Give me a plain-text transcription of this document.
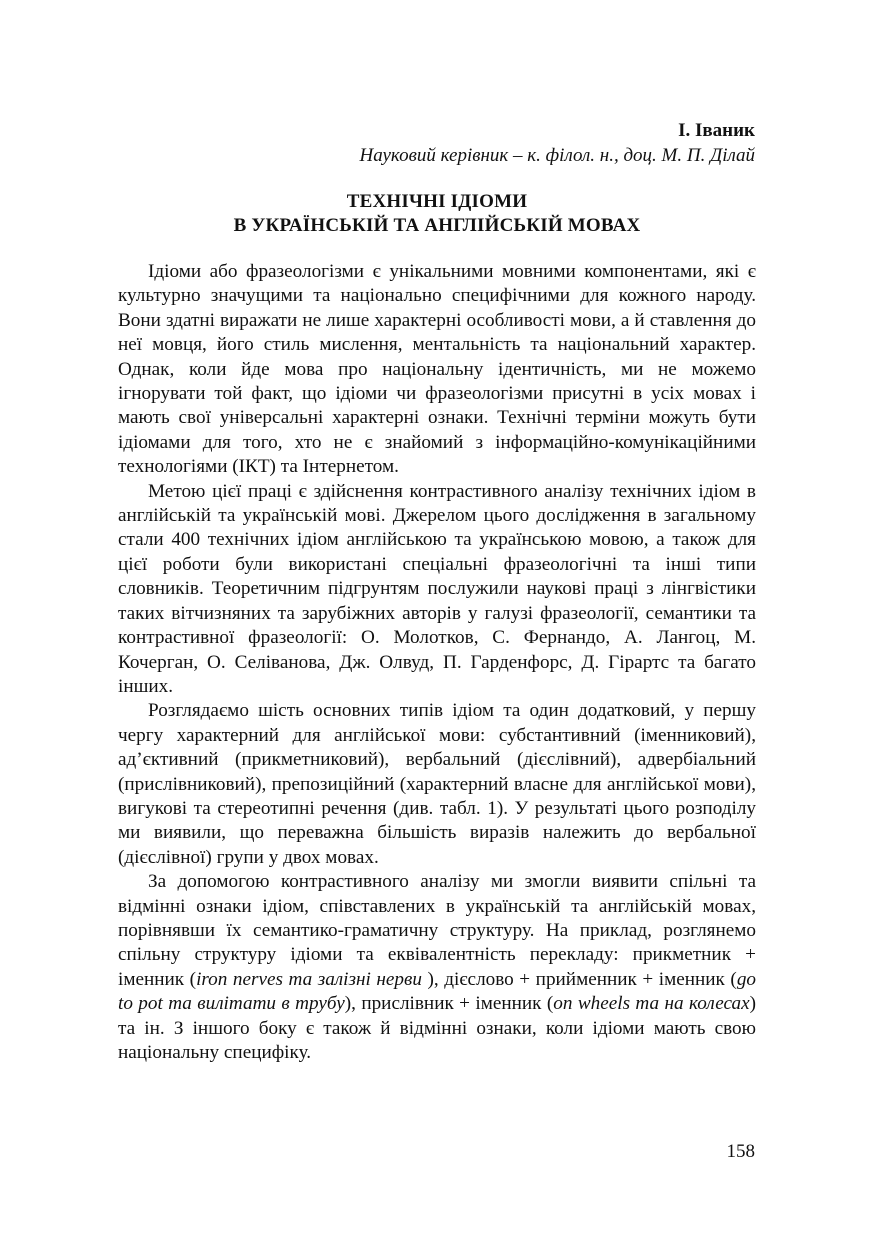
І. Іваник
Науковий керівник – к. філол. н., доц. М. П. Ділай
ТЕХНІЧНІ ІДІОМИ
В УКРАЇНСЬКІЙ ТА АНГЛІЙСЬКІЙ МОВАХ

Ідіоми або фразеологізми є унікальними мовними компонентами, які є культурно значущими та національно специфічними для кожного народу. Вони здатні виражати не лише характерні особливості мови, а й ставлення до неї мовця, його стиль мислення, ментальність та національний характер. Однак, коли йде мова про національну ідентичність, ми не можемо ігнорувати той факт, що ідіоми чи фразеологізми присутні в усіх мовах і мають свої універсальні характерні ознаки. Технічні терміни можуть бути ідіомами для того, хто не є знайомий з інформаційно-комунікаційними технологіями (ІКТ) та Інтернетом.

Метою цієї праці є здійснення контрастивного аналізу технічних ідіом в англійській та українській мові. Джерелом цього дослідження в загальному стали 400 технічних ідіом англійською та українською мовою, а також для цієї роботи були використані спеціальні фразеологічні та інші типи словників. Теоретичним підгрунтям послужили наукові праці з лінгвістики таких вітчизняних та зарубіжних авторів у галузі фразеології, семантики та контрастивної фразеології: О. Молотков, С. Фернандо, А. Лангоц, М. Кочерган, О. Селіванова, Дж. Олвуд, П. Гарденфорс, Д. Гірартс та багато інших.

Розглядаємо шість основних типів ідіом та один додатковий, у першу чергу характерний для англійської мови: субстантивний (іменниковий), ад’єктивний (прикметниковий), вербальний (дієслівний), адвербіальний (прислівниковий), препозиційний (характерний власне для англійської мови), вигукові та стереотипні речення (див. табл. 1). У результаті цього розподілу ми виявили, що переважна більшість виразів належить до вербальної (дієслівної) групи у двох мовах.

За допомогою контрастивного аналізу ми змогли виявити спільні та відмінні ознаки ідіом, співставлених в українській та англійській мовах, порівнявши їх семантико-граматичну структуру. На приклад, розглянемо спільну структуру ідіоми та еквівалентність перекладу: прикметник + іменник (iron nerves та залізні нерви ), дієслово + прийменник + іменник (go to pot та вилітати в трубу), прислівник + іменник (on wheels та на колесах) та ін. З іншого боку є також й відмінні ознаки, коли ідіоми мають свою національну специфіку.

158
